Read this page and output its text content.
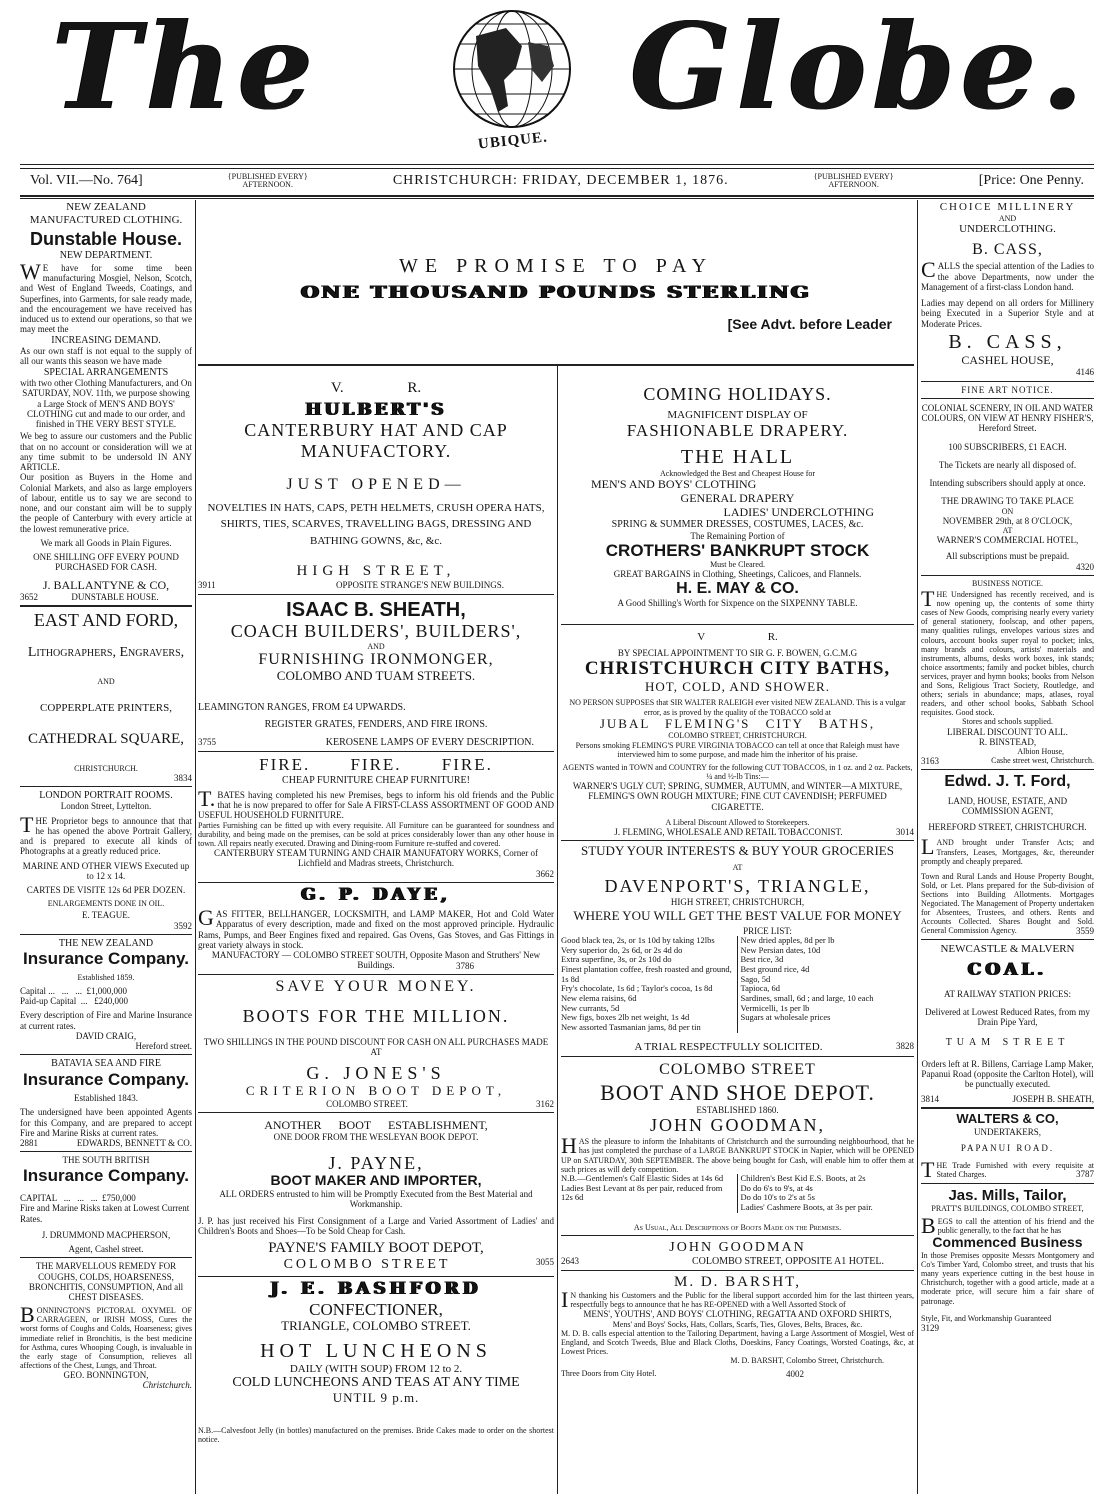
The
UBIQUE.
Globe.
Vol. VII.—No. 764]	{PUBLISHED EVERY}
AFTERNOON.	CHRISTCHURCH: FRIDAY, DECEMBER 1, 1876.	{PUBLISHED EVERY}
AFTERNOON.	[Price: One Penny.

NEW ZEALAND MANUFACTURED CLOTHING.

Dunstable House.

NEW DEPARTMENT.

WE have for some time been manufacturing Mosgiel, Nelson, Scotch, and West of England Tweeds, Coatings, and Superfines, into Garments, for sale ready made, and the encouragement we have received has induced us to extend our operations, so that we may meet the

INCREASING DEMAND.

As our own staff is not equal to the supply of all our wants this season we have made

SPECIAL ARRANGEMENTS

with two other Clothing Manufacturers, and On SATURDAY, NOV. 11th, we purpose showing a Large Stock of MEN'S AND BOYS' CLOTHING cut and made to our order, and finished in THE VERY BEST STYLE.

We beg to assure our customers and the Public that on no account or consideration will we at any time submit to be undersold IN ANY ARTICLE.

Our position as Buyers in the Home and Colonial Markets, and also as large employers of labour, entitle us to say we are second to none, and our constant aim will be to supply the people of Canterbury with every article at the lowest remunerative price.

We mark all Goods in Plain Figures.

ONE SHILLING OFF EVERY POUND PURCHASED FOR CASH.

J. BALLANTYNE & CO,

3652	DUNSTABLE HOUSE.

EAST AND FORD,

Lithographers, Engravers,

AND

COPPERPLATE PRINTERS,

CATHEDRAL SQUARE,

CHRISTCHURCH.

3834

LONDON PORTRAIT ROOMS.

London Street, Lyttelton.

THE Proprietor begs to announce that that he has opened the above Portrait Gallery, and is prepared to execute all kinds of Photographs at a greatly reduced price.

MARINE AND OTHER VIEWS Executed up to 12 x 14.

CARTES DE VISITE 12s 6d PER DOZEN.

ENLARGEMENTS DONE IN OIL.

E. TEAGUE.

3592

THE NEW ZEALAND

Insurance Company.

Established 1859.

Capital ...   ...   ...  £1,000,000

Paid-up Capital  ...   £240,000

Every description of Fire and Marine Insurance at current rates.

DAVID CRAIG,

Hereford street.

BATAVIA SEA AND FIRE

Insurance Company.

Established 1843.

The undersigned have been appointed Agents for this Company, and are prepared to accept Fire and Marine Risks at current rates.

2881	EDWARDS, BENNETT & CO.

THE SOUTH BRITISH

Insurance Company.

CAPITAL   ...   ...   ...  £750,000

Fire and Marine Risks taken at Lowest Current Rates.

J. DRUMMOND MACPHERSON,

Agent, Cashel street.

THE MARVELLOUS REMEDY FOR COUGHS, COLDS, HOARSENESS, BRONCHITIS, CONSUMPTION, And all CHEST DISEASES.

BONNINGTON'S PICTORAL OXYMEL OF CARRAGEEN, or IRISH MOSS, Cures the worst forms of Coughs and Colds, Hoarseness; gives immediate relief in Bronchitis, is the best medicine for Asthma, cures Whooping Cough, is invaluable in the early stage of Consumption, relieves all affections of the Chest, Lungs, and Throat.

GEO. BONNINGTON,

Christchurch.

WE PROMISE TO PAY

ONE THOUSAND POUNDS STERLING

[See Advt. before Leader

V. R.

HULBERT'S

CANTERBURY HAT AND CAP MANUFACTORY.

JUST OPENED—

NOVELTIES IN HATS, CAPS, PETH HELMETS, CRUSH OPERA HATS, SHIRTS, TIES, SCARVES, TRAVELLING BAGS, DRESSING AND BATHING GOWNS, &c, &c.

HIGH STREET,

3911	OPPOSITE STRANGE'S NEW BUILDINGS.

ISAAC B. SHEATH,

COACH BUILDERS', BUILDERS',

AND

FURNISHING IRONMONGER,

COLOMBO AND TUAM STREETS.

LEAMINGTON RANGES, FROM £4 UPWARDS.

REGISTER GRATES, FENDERS, AND FIRE IRONS.

3755	KEROSENE LAMPS OF EVERY DESCRIPTION.

FIRE. FIRE. FIRE.

CHEAP FURNITURE CHEAP FURNITURE!

T.BATES having completed his new Premises, begs to inform his old friends and the Public that he is now prepared to offer for Sale A FIRST-CLASS ASSORTMENT OF GOOD AND USEFUL HOUSEHOLD FURNITURE.

Parties Furnishing can be fitted up with every requisite. All Furniture can be guaranteed for soundness and durability, and being made on the premises, can be sold at prices considerably lower than any other house in town. All repairs neatly executed. Drawing and Dining-room Furniture re-stuffed and covered.

CANTERBURY STEAM TURNING AND CHAIR MANUFATORY WORKS, Corner of Lichfield and Madras streets, Christchurch.

3662

G. P. DAYE,

GAS FITTER, BELLHANGER, LOCKSMITH, and LAMP MAKER, Hot and Cold Water Apparatus of every description, made and fixed on the most approved principle. Hydraulic Rams, Pumps, and Beer Engines fixed and repaired. Gas Ovens, Gas Stoves, and Gas Fittings in great variety always in stock.

MANUFACTORY — COLOMBO STREET SOUTH, Opposite Mason and Struthers' New Buildings.	3786

SAVE YOUR MONEY.

BOOTS FOR THE MILLION.

TWO SHILLINGS IN THE POUND DISCOUNT FOR CASH ON ALL PURCHASES MADE AT

G. JONES'S

CRITERION BOOT DEPOT,

COLOMBO STREET.	3162

ANOTHER BOOT ESTABLISHMENT,

ONE DOOR FROM THE WESLEYAN BOOK DEPOT.

J. PAYNE,

BOOT MAKER AND IMPORTER,

ALL ORDERS entrusted to him will be Promptly Executed from the Best Material and Workmanship.

J. P. has just received his First Consignment of a Large and Varied Assortment of Ladies' and Children's Boots and Shoes—To be Sold Cheap for Cash.

PAYNE'S FAMILY BOOT DEPOT,

COLOMBO STREET	3055

J. E. BASHFORD

CONFECTIONER,

TRIANGLE, COLOMBO STREET.

HOT LUNCHEONS

DAILY (WITH SOUP) FROM 12 to 2.

COLD LUNCHEONS AND TEAS AT ANY TIME

UNTIL 9 p.m.

N.B.—Calvesfoot Jelly (in bottles) manufactured on the premises. Bride Cakes made to order on the shortest notice.

COMING HOLIDAYS.

MAGNIFICENT DISPLAY OF

FASHIONABLE DRAPERY.

THE HALL

Acknowledged the Best and Cheapest House for

MEN'S AND BOYS' CLOTHING

GENERAL DRAPERY

LADIES' UNDERCLOTHING

SPRING & SUMMER DRESSES, COSTUMES, LACES, &c.

The Remaining Portion of

CROTHERS' BANKRUPT STOCK

Must be Cleared.

GREAT BARGAINS in Clothing, Sheetings, Calicoes, and Flannels.

H. E. MAY & CO.

A Good Shilling's Worth for Sixpence on the SIXPENNY TABLE.

V R.

BY SPECIAL APPOINTMENT TO SIR G. F. BOWEN, G.C.M.G

CHRISTCHURCH CITY BATHS,

HOT, COLD, AND SHOWER.

NO PERSON SUPPOSES that SIR WALTER RALEIGH ever visited NEW ZEALAND. This is a vulgar error, as is proved by the quality of the TOBACCO sold at

JUBAL FLEMING'S CITY BATHS,

COLOMBO STREET, CHRISTCHURCH.

Persons smoking FLEMING'S PURE VIRGINIA TOBACCO can tell at once that Raleigh must have interviewed him to some purpose, and made him the inheritor of his praise.

AGENTS wanted in TOWN and COUNTRY for the following CUT TOBACCOS, in 1 oz. and 2 oz. Packets, ¼ and ½-lb Tins:—

WARNER'S UGLY CUT; SPRING, SUMMER, AUTUMN, and WINTER—A MIXTURE, FLEMING'S OWN ROUGH MIXTURE; FINE CUT CAVENDISH; PERFUMED CIGARETTE.

A Liberal Discount Allowed to Storekeepers.

J. FLEMING, WHOLESALE AND RETAIL TOBACCONIST.	3014

STUDY YOUR INTERESTS & BUY YOUR GROCERIES

AT

DAVENPORT'S, TRIANGLE,

HIGH STREET, CHRISTCHURCH,

WHERE YOU WILL GET THE BEST VALUE FOR MONEY

PRICE LIST:

Good black tea, 2s, or 1s 10d by taking 12lbs
Very superior do, 2s 6d, or 2s 4d do
Extra superfine, 3s, or 2s 10d do
Finest plantation coffee, fresh roasted and ground, 1s 8d
Fry's chocolate, 1s 6d ; Taylor's cocoa, 1s 8d
New elema raisins, 6d
New currants, 5d
New figs, boxes 2lb net weight, 1s 4d
New assorted Tasmanian jams, 8d per tin
New dried apples, 8d per lb
New Persian dates, 10d
Best rice, 3d
Best ground rice, 4d
Sago, 5d
Tapioca, 6d
Sardines, small, 6d ; and large, 10 each
Vermicelli, 1s per lb
Sugars at wholesale prices
A TRIAL RESPECTFULLY SOLICITED.	3828

COLOMBO STREET

BOOT AND SHOE DEPOT.

ESTABLISHED 1860.

JOHN GOODMAN,

HAS the pleasure to inform the Inhabitants of Christchurch and the surrounding neighbourhood, that he has just completed the purchase of a LARGE BANKRUPT STOCK in Napier, which will be OPENED UP on SATURDAY, 30th SEPTEMBER. The above being bought for Cash, will enable him to offer them at such prices as will defy competition.

N.B.—Gentlemen's Calf Elastic Sides at 14s 6d
Ladies Best Levant at 8s per pair, reduced from 12s 6d
Children's Best Kid E.S. Boots, at 2s
Do do 6's to 9's, at 4s
Do do 10's to 2's at 5s
Ladies' Cashmere Boots, at 3s per pair.

As Usual, All Descriptions of Boots Made on the Premises.

JOHN GOODMAN

2643	COLOMBO STREET, OPPOSITE A1 HOTEL.

M. D. BARSHT,

IN thanking his Customers and the Public for the liberal support accorded him for the last thirteen years, respectfully begs to announce that he has RE-OPENED with a Well Assorted Stock of

MENS', YOUTHS', AND BOYS' CLOTHING, REGATTA AND OXFORD SHIRTS,

Mens' and Boys' Socks, Hats, Collars, Scarfs, Ties, Gloves, Belts, Braces, &c.

M. D. B. calls especial attention to the Tailoring Department, having a Large Assortment of Mosgiel, West of England, and Scotch Tweeds, Blue and Black Cloths, Doeskins, Fancy Coatings, Worsted Coatings, &c, at Lowest Prices.

M. D. BARSHT, Colombo Street, Christchurch.

Three Doors from City Hotel.	4002

CHOICE MILLINERY

AND

UNDERCLOTHING.

B. CASS,

CALLS the special attention of the Ladies to the above Departments, now under the Management of a first-class London hand.

Ladies may depend on all orders for Millinery being Executed in a Superior Style and at Moderate Prices.

B. CASS,

CASHEL HOUSE,

4146

FINE ART NOTICE.

COLONIAL SCENERY, IN OIL AND WATER COLOURS, ON VIEW AT HENRY FISHER'S, Hereford Street.

100 SUBSCRIBERS, £1 EACH.

The Tickets are nearly all disposed of.

Intending subscribers should apply at once.

THE DRAWING TO TAKE PLACE

ON

NOVEMBER 29th, at 8 O'CLOCK,

AT

WARNER'S COMMERCIAL HOTEL,

All subscriptions must be prepaid.

4320

BUSINESS NOTICE.

THE Undersigned has recently received, and is now opening up, the contents of some thirty cases of New Goods, comprising nearly every variety of general stationery, foolscap, and other papers, many qualities rulings, envelopes various sizes and colours, account books super royal to pocket; inks, many brands and colours, artists' materials and instruments, albums, desks work boxes, ink stands; choice assortments; family and pocket bibles, church services, prayer and hymn books; books from Nelson and Sons, Religious Tract Society, Routledge, and others; serials in abundance; maps, atlases, royal readers, and other school books, Sabbath School requisites. Good stock.

Stores and schools supplied.

LIBERAL DISCOUNT TO ALL.

R. BINSTEAD,

Albion House,

3163	Cashe street west, Christchurch.

Edwd. J. T. Ford,

LAND, HOUSE, ESTATE, AND COMMISSION AGENT,

HEREFORD STREET, CHRISTCHURCH.

LAND brought under Transfer Acts; and Transfers, Leases, Mortgages, &c, thereunder promptly and cheaply prepared.

Town and Rural Lands and House Property Bought, Sold, or Let. Plans prepared for the Sub-division of Sections into Building Allotments. Mortgages Negociated. The Management of Property undertaken for Absentees, Trustees, and others. Rents and Accounts Collected. Shares Bought and Sold. General Commission Agency.	3559

NEWCASTLE & MALVERN

COAL.

AT RAILWAY STATION PRICES:

Delivered at Lowest Reduced Rates, from my Drain Pipe Yard,

TUAM STREET

Orders left at R. Billens, Carriage Lamp Maker, Papanui Road (opposite the Carlton Hotel), will be punctually executed.

3814	JOSEPH B. SHEATH,

WALTERS & CO,

UNDERTAKERS,

PAPANUI ROAD.

THE Trade Furnished with every requisite at Stated Charges.	3787

Jas. Mills, Tailor,

PRATT'S BUILDINGS, COLOMBO STREET,

BEGS to call the attention of his friend and the public generally, to the fact that he has

Commenced Business

In those Premises opposite Messrs Montgomery and Co's Timber Yard, Colombo street, and trusts that his many years experience cutting in the best house in Christchurch, together with a good article, made at a moderate price, will secure him a fair share of patronage.

Style, Fit, and Workmanship Guaranteed

3129
